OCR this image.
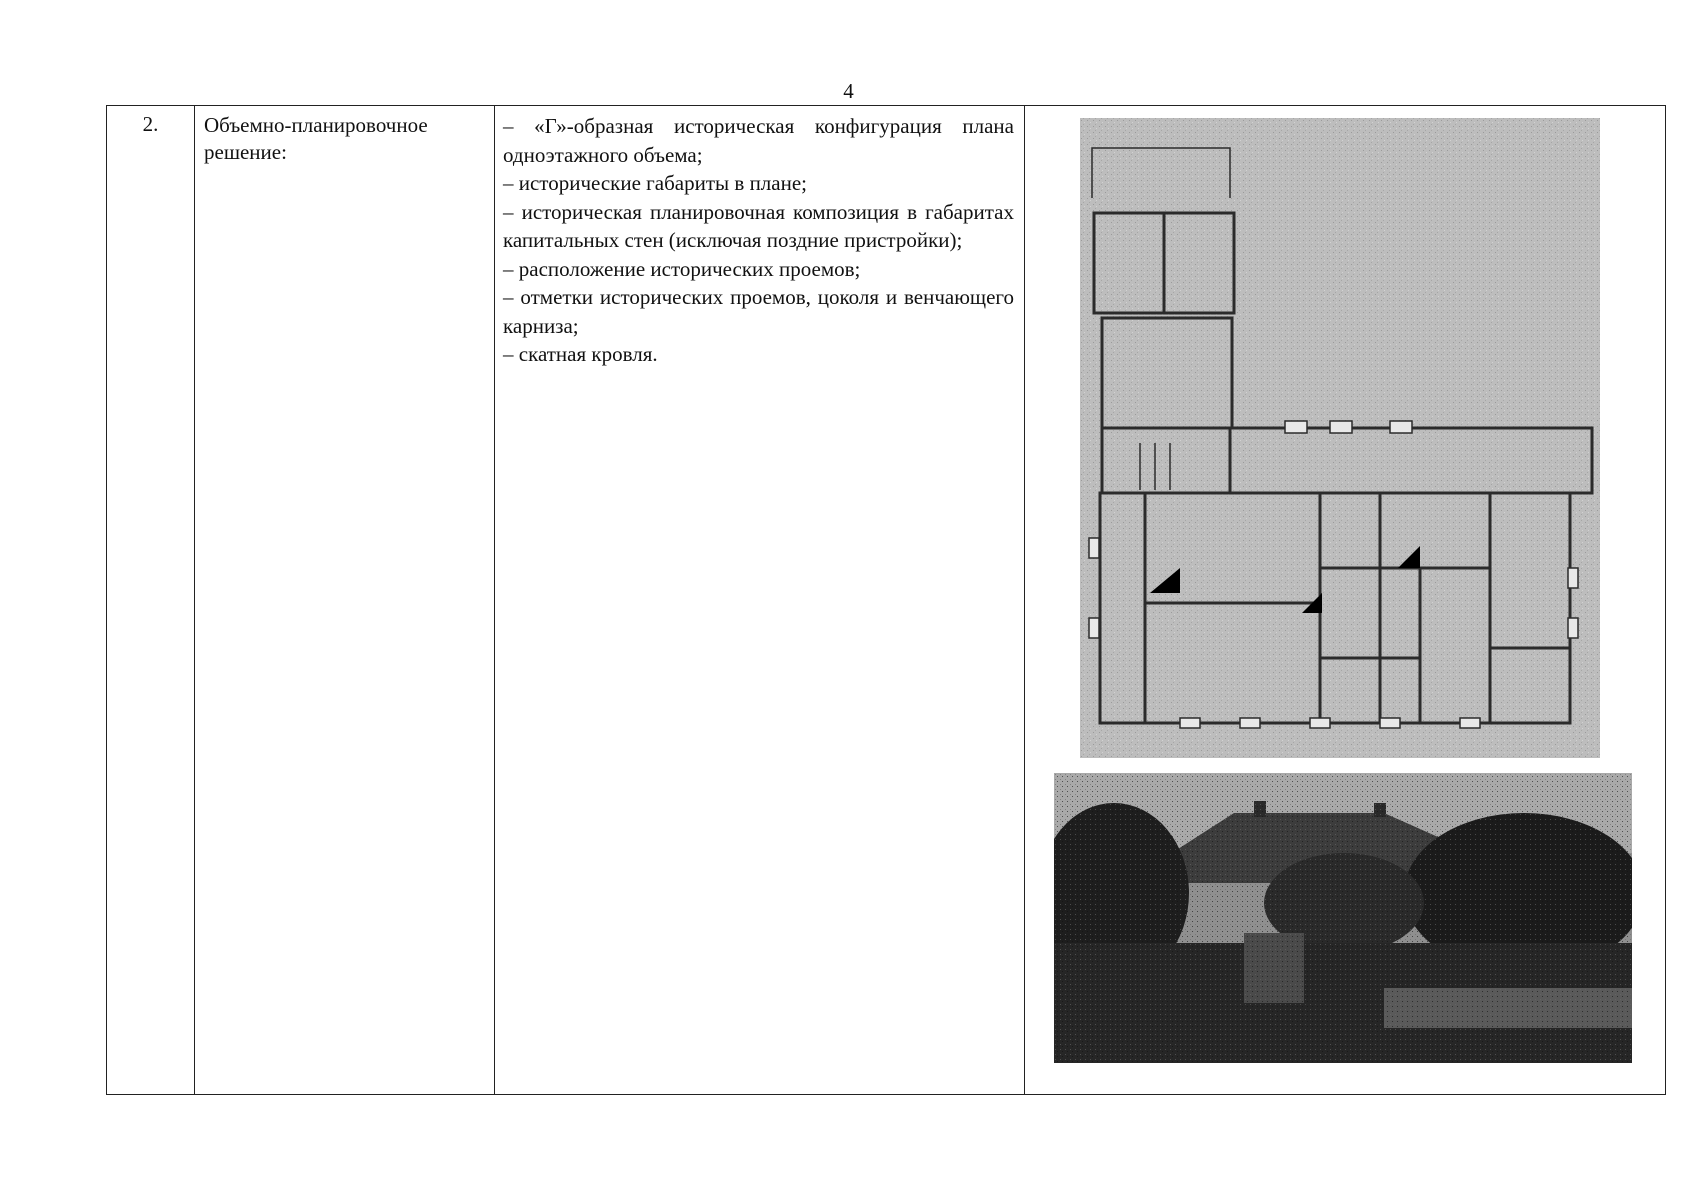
4
2.	Объемно-планировочное решение:

– «Г»-образная историческая конфигурация плана одноэтажного объема;

– исторические габариты в плане;

– историческая планировочная композиция в габаритах капитальных стен (исключая поздние пристройки);

– расположение исторических проемов;

– отметки исторических проемов, цоколя и венчающего карниза;

– скатная кровля.
